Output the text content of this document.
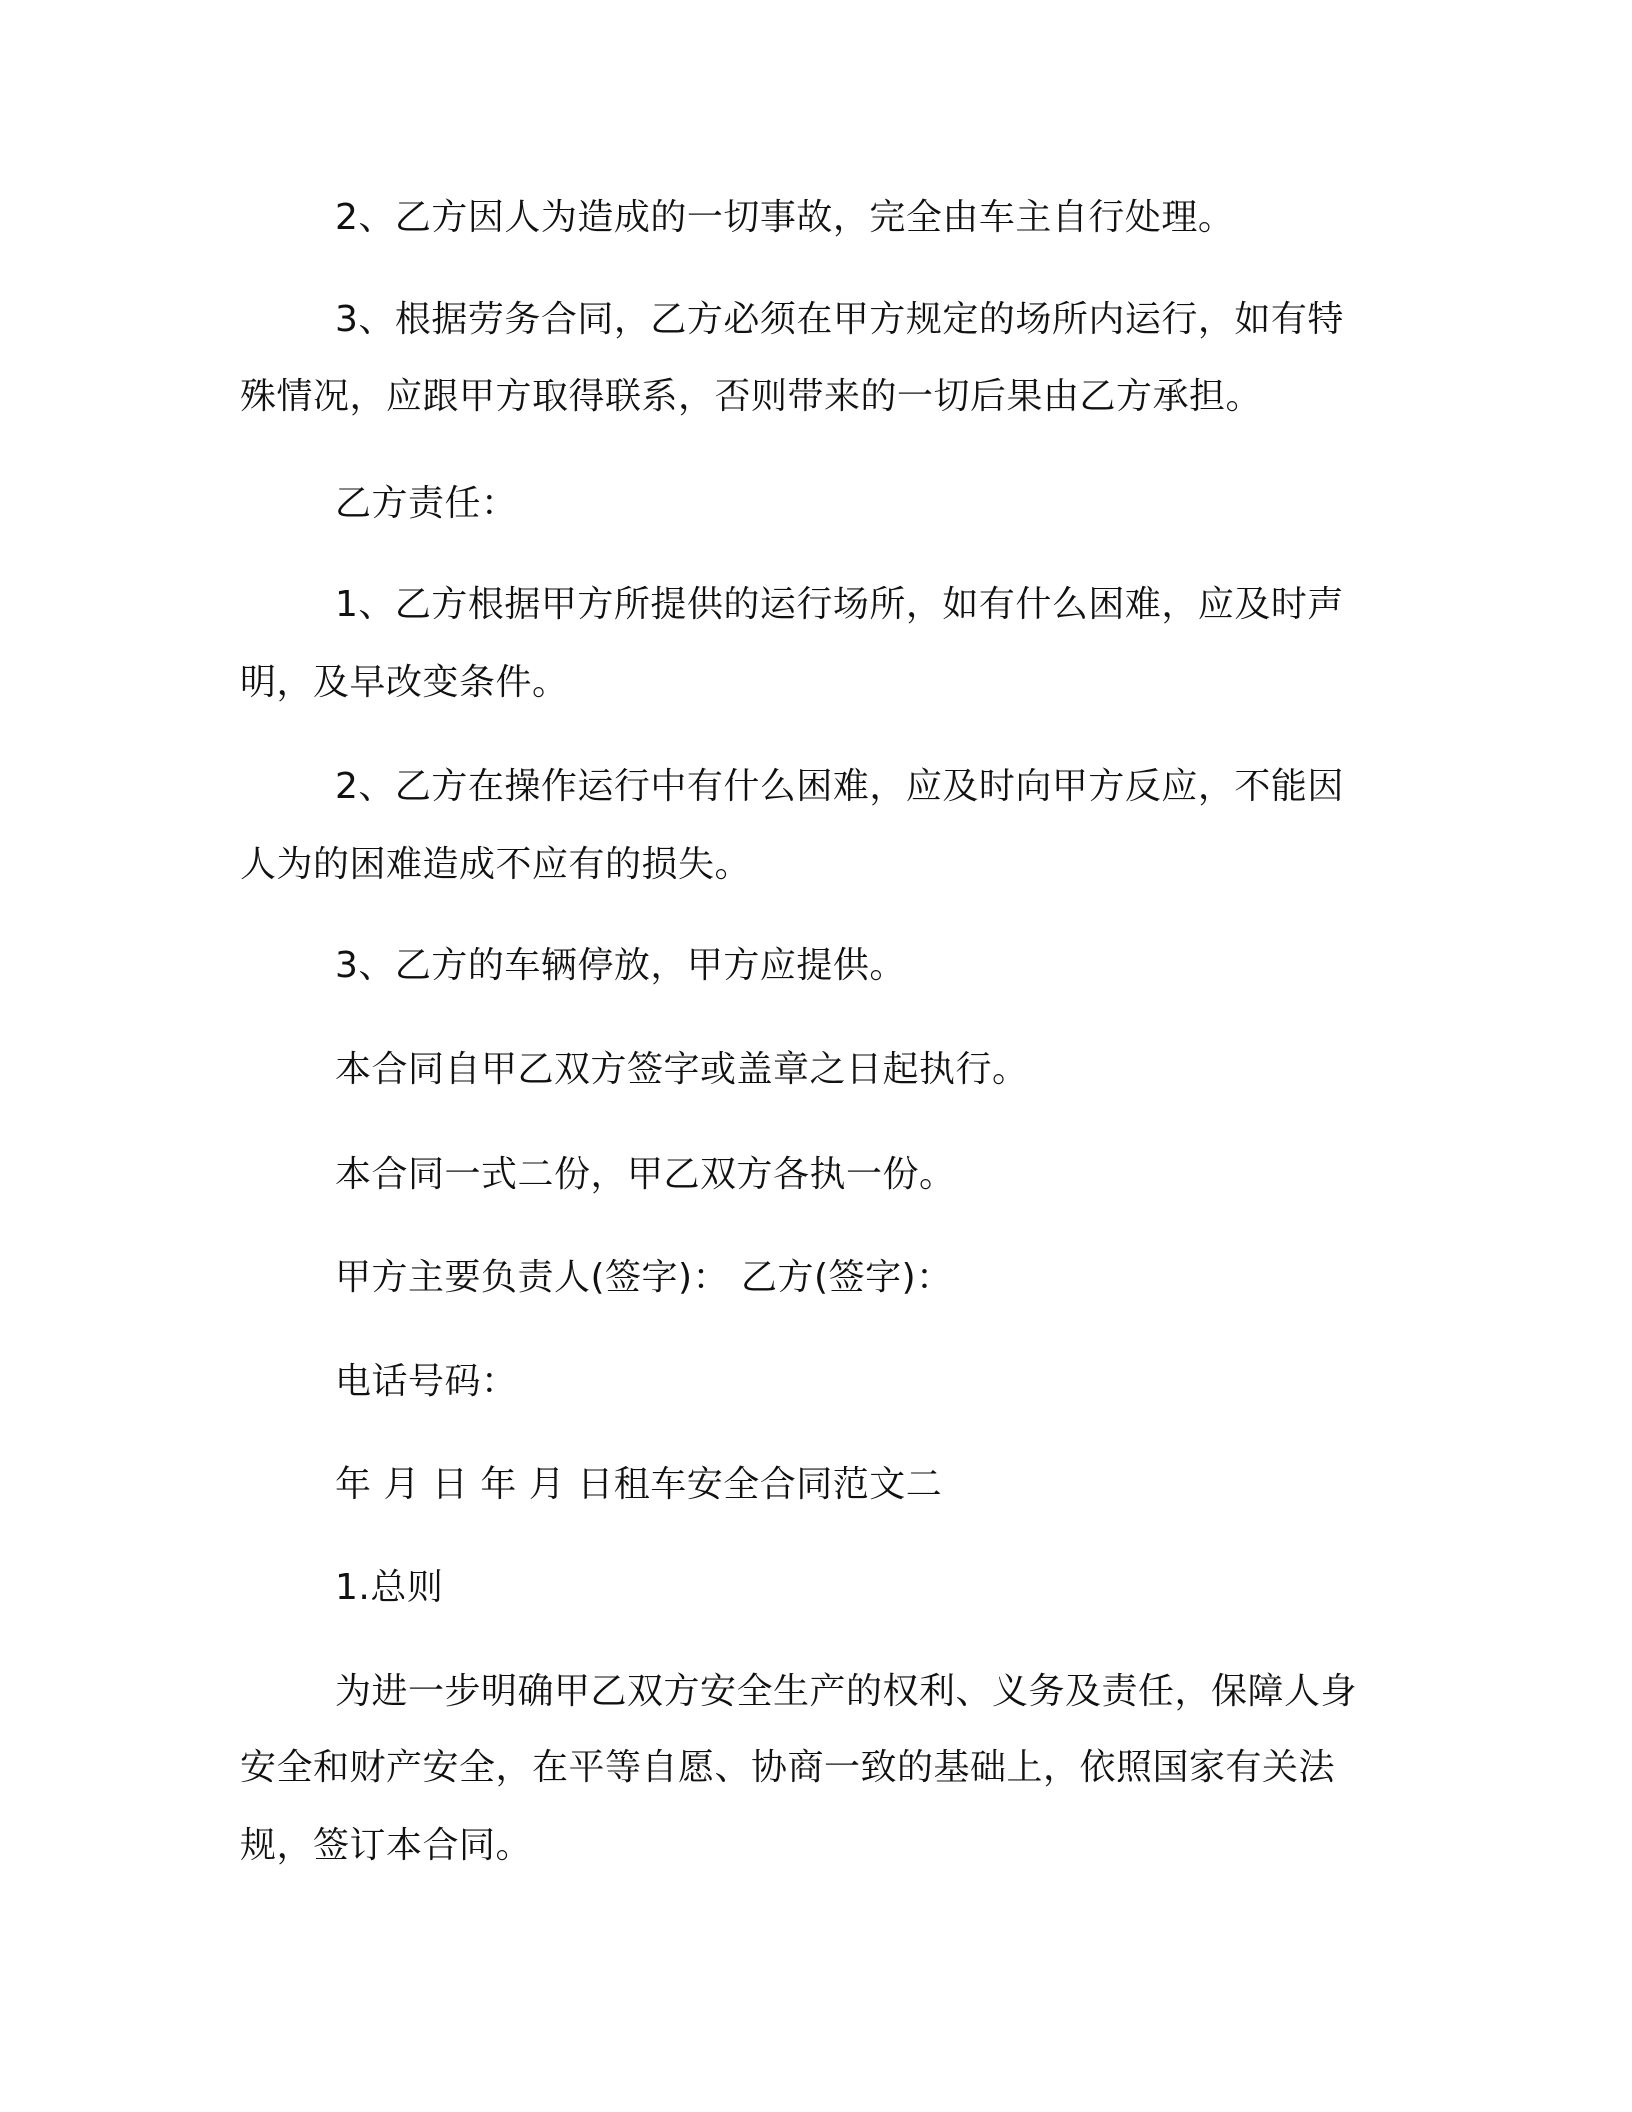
2、乙方因人为造成的一切事故，完全由车主自行处理。
3、根据劳务合同，乙方必须在甲方规定的场所内运行，如有特
殊情况，应跟甲方取得联系，否则带来的一切后果由乙方承担。
乙方责任：
1、乙方根据甲方所提供的运行场所，如有什么困难，应及时声
明，及早改变条件。
2、乙方在操作运行中有什么困难，应及时向甲方反应，不能因
人为的困难造成不应有的损失。
3、乙方的车辆停放，甲方应提供。
本合同自甲乙双方签字或盖章之日起执行。
本合同一式二份，甲乙双方各执一份。
甲方主要负责人(签字)： 乙方(签字)：
电话号码：
年 月 日 年 月 日租车安全合同范文二
1.总则
为进一步明确甲乙双方安全生产的权利、义务及责任，保障人身
安全和财产安全，在平等自愿、协商一致的基础上，依照国家有关法
规，签订本合同。
